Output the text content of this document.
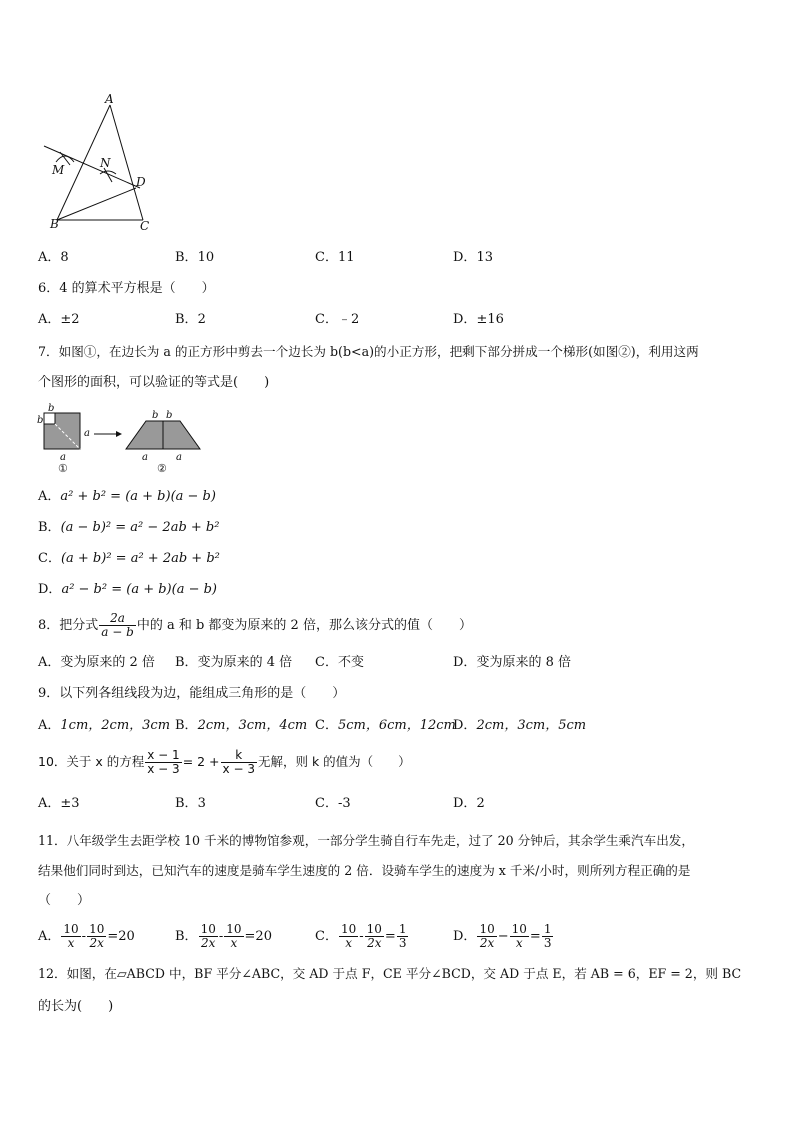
A
M	N
D
B	C
A．8	B．10	C．11	D．13
6．4 的算术平方根是（　　）
A．±2	B．2	C．﹣2	D．±16
7．如图①，在边长为 a 的正方形中剪去一个边长为 b(b<a)的小正方形，把剩下部分拼成一个梯形(如图②)，利用这两
个图形的面积，可以验证的等式是(　　)
b
b
a
a
b b
a	a
①	②
A．a² + b² = (a + b)(a − b)
B．(a − b)² = a² − 2ab + b²
C．(a + b)² = a² + 2ab + b²
D．a² − b² = (a + b)(a − b)
8．把分式 $\frac{2a}{a - b}$ 中的 a 和 b 都变为原来的 2 倍，那么该分式的值（　　）
A．变为原来的 2 倍 B．变为原来的 4 倍 C．不变	D．变为原来的 8 倍
9．以下列各组线段为边，能组成三角形的是（　　）
A．1cm，2cm，3cm B．2cm，3cm，4cm C．5cm，6cm，12cm
D．2cm，3cm，5cm
10．关于 x 的方程 $\frac{x - 1}{x - 3} = 2 + \frac{k}{x - 3}$ 无解，则 k 的值为（　　）
A．±3	B．3	C．-3	D．2
11．八年级学生去距学校 10 千米的博物馆参观，一部分学生骑自行车先走，过了 20 分钟后，其余学生乘汽车出发，
结果他们同时到达，已知汽车的速度是骑车学生速度的 2 倍．设骑车学生的速度为 x 千米/小时，则所列方程正确的是
（　　）
A． $\frac{10}{x} - \frac{10}{2x} =20$	B． $\frac{10}{2x} - \frac{10}{x} =20$	C． $\frac{10}{x} - \frac{10}{2x} = \frac{1}{3}$	D． $\frac{10}{2x} - \frac{10}{x} = \frac{1}{3}$
12．如图，在▱ABCD 中，BF 平分∠ABC，交 AD 于点 F，CE 平分∠BCD，交 AD 于点 E，若 AB = 6，EF = 2，则 BC
的长为(　　)
